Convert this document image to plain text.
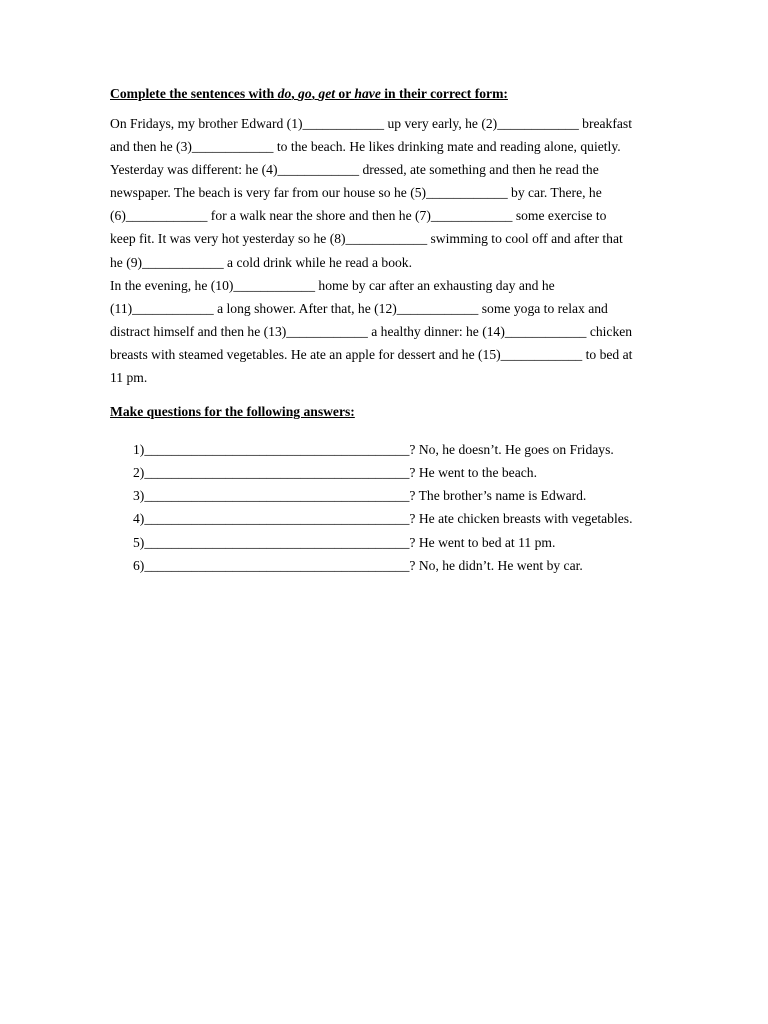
Complete the sentences with do, go, get or have in their correct form:

On Fridays, my brother Edward (1)____________ up very early, he (2)____________ breakfast
and then he (3)____________ to the beach. He likes drinking mate and reading alone, quietly.
Yesterday was different: he (4)____________ dressed, ate something and then he read the
newspaper. The beach is very far from our house so he (5)____________ by car. There, he
(6)____________ for a walk near the shore and then he (7)____________ some exercise to
keep fit. It was very hot yesterday so he (8)____________ swimming to cool off and after that
he (9)____________ a cold drink while he read a book.
In the evening, he (10)____________ home by car after an exhausting day and he
(11)____________ a long shower. After that, he (12)____________ some yoga to relax and
distract himself and then he (13)____________ a healthy dinner: he (14)____________ chicken
breasts with steamed vegetables. He ate an apple for dessert and he (15)____________ to bed at
11 pm.

Make questions for the following answers:

1)_______________________________________? No, he doesn’t. He goes on Fridays.
2)_______________________________________? He went to the beach.
3)_______________________________________? The brother’s name is Edward.
4)_______________________________________? He ate chicken breasts with vegetables.
5)_______________________________________? He went to bed at 11 pm.
6)_______________________________________? No, he didn’t. He went by car.
